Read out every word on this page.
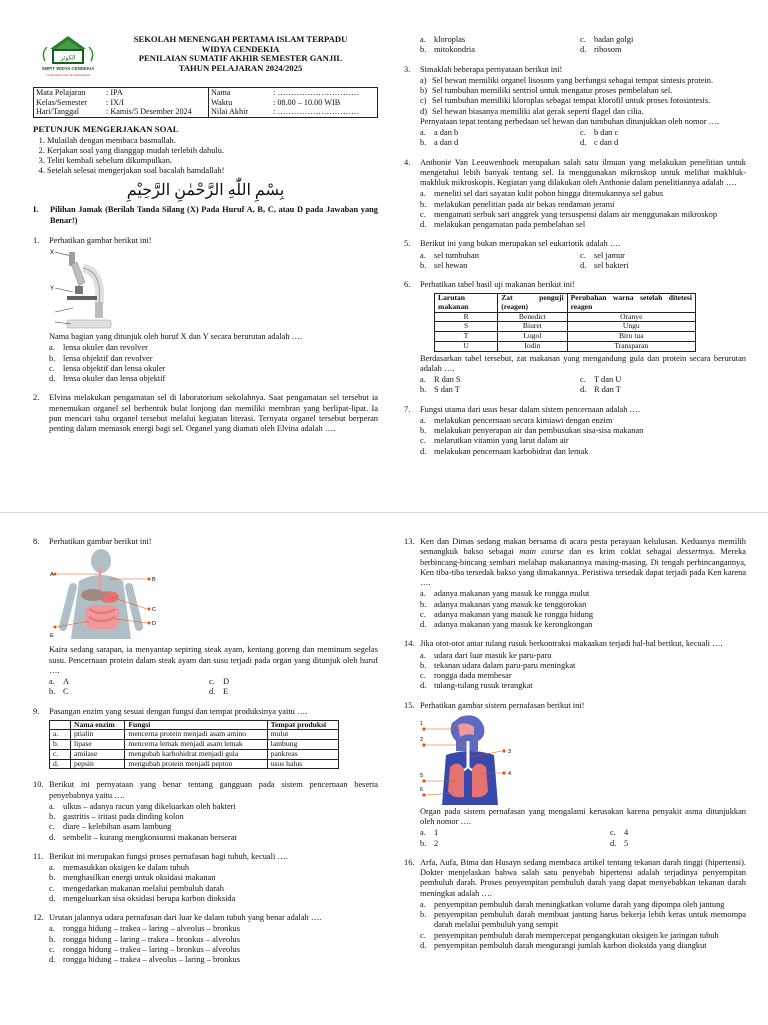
الكوثر
SMPIT WIDYA CENDEKIA
Cerdas Berprestasi Berakhlak Mulia
SEKOLAH MENENGAH PERTAMA ISLAM TERPADU
WIDYA CENDEKIA
PENILAIAN SUMATIF AKHIR SEMESTER GANJIL
TAHUN PELAJARAN 2024/2025
Mata Pelajaran	: IPA	Nama	: …………………………
Kelas/Semester	: IX/I	Waktu	: 08.00 – 10.00 WIB
Hari/Tanggal	: Kamis/5 Desember 2024	Nilai Akhir	: …………………………

PETUNJUK MENGERJAKAN SOAL

1. Mulailah dengan membaca basmallah.
2. Kerjakan soal yang dianggap mudah terlebih dahulu.
3. Teliti kembali sebelum dikumpulkan.
4. Setelah selesai mengerjakan soal bacalah hamdallah!
بِسْمِ اللّٰهِ الرَّحْمٰنِ الرَّحِيْمِ
I.	Pilihan Jamak (Berilah Tanda Silang (X) Pada Huruf A, B, C, atau D pada Jawaban yang Benar!)
1.	Perhatikan gambar berikut ini!

X
Y

Nama bagian yang ditunjuk oleh huruf X dan Y secara berurutan adalah ….

a. lensa okuler dan revolver
b. lensa objektif dan revolver
c. lensa objektif dan lensa okuler
d. lensa okuler dan lensa objektif
2.	Elvina melakukan pengamatan sel di laboratorium sekolahnya. Saat pengamatan sel tersebut ia menemukan organel sel berbentuk bulat lonjong dan memiliki membran yang berlipat-lipat. Ia pun mencari tahu organel tersebut melalui kegiatan literasi. Ternyata organel tersebut berperan penting dalam memasok energi bagi sel. Organel yang diamati oleh Elvina adalah ….

a. kloroplas	c. badan golgi
b. mitokondria	d. ribosom
3.	Simaklah beberapa pernyataan berikut ini!

a) Sel hewan memiliki organel lisosom yang berfungsi sebagai tempat sintesis protein.
b) Sel tumbuhan memiliki sentriol untuk mengatur proses pembelahan sel.
c) Sel tumbuhan memiliki kloroplas sebagai tempat klorofil untuk proses fotosintesis.
d) Sel hewan biasanya memiliki alat gerak seperti flagel dan cilia.

Pernyataan tepat tentang perbedaan sel hewan dan tumbuhan ditunjukkan oleh nomor ….

a. a dan b	c. b dan c
b. a dan d	d. c dan d
4.	Anthonie Van Leeuwenhoek merupakan salah satu ilmuan yang melakukan penelitian untuk mengetahui lebih banyak tentang sel. Ia menggunakan mikroskop untuk melihat makhluk-makhluk mikroskopis. Kegiatan yang dilakukan oleh Anthonie dalam penelitiannya adalah ….

a. meneliti sel dari sayatan kulit pohon hingga ditemukannya sel gabus
b. melakukan penelitian pada air bekas rendaman jerami
c. mengamati serbuk sari anggrek yang tersuspensi dalam air menggunakan mikroskop
d. melakukan pengamatan pada pembelahan sel
5.	Berikut ini yang bukan merupakan sel eukariotik adalah ….

a. sel tumbuhan	c. sel jamur
b. sel hewan	d. sel bakteri
6.	Perhatikan tabel hasil uji makanan berikut ini!

Larutan makanan	Zat penguji (reagen)	Perubahan warna setelah ditetesi reagen
R	Benedict	Oranye
S	Biuret	Ungu
T	Lugol	Biru tua
U	Iodin	Transparan

Berdasarkan tabel tersebut, zat makanan yang mengandung gula dan protein secara berurutan adalah ….

a. R dan S	c. T dan U
b. S dan T	d. R dan T
7.	Fungsi utama dari usus besar dalam sistem pencernaan adalah ….

a. melakukan pencernaan secara kimiawi dengan enzim
b. melakukan penyerapan air dan pembusukan sisa-sisa makanan
c. melarutkan vitamin yang larut dalam air
d. melakukan pencernaan karbohidrat dan lemak
8.	Perhatikan gambar berikut ini!

A
B
C
D
E

Kaira sedang sarapan, ia menyantap sepiring steak ayam, kentang goreng dan meminum segelas susu. Pencernaan protein dalam steak ayam dan susu terjadi pada organ yang ditunjuk oleh huruf ….

a. A	c. D
b. C	d. E
9.	Pasangan enzim yang sesuai dengan fungsi dan tempat produksinya yaitu ….

	Nama enzim	Fungsi	Tempat produksi
a.	ptialin	mencerna protein menjadi asam amino	mulut
b.	lipase	mencerna lemak menjadi asam lemak	lambung
c.	amilase	mengubah karbohidrat menjadi gula	pankreas
d.	pepsin	mengubah protein menjadi pepton	usus halus
10. Berikut ini pernyataan yang benar tentang gangguan pada sistem pencernaan beserta penyebabnya yaitu ….

a. ulkus – adanya racun yang dikeluarkan oleh bakteri
b. gastritis – iritasi pada dinding kolon
c. diare – kelebihan asam lambung
d. sembelit – kurang mengkonsumsi makanan berserat
11. Berikut ini merupakan fungsi proses pernafasan bagi tubuh, kecuali ….

a. memasukkan oksigen ke dalam tubuh
b. menghasilkan energi untuk oksidasi makanan
c. mengedarkan makanan melalui pembuluh darah
d. mengeluarkan sisa oksidasi berupa karbon dioksida
12. Urutan jalannya udara pernafasan dari luar ke dalam tubuh yang benar adalah ….

a. rongga hidung – trakea – laring – alveolus – bronkus
b. rongga hidung – laring – trakea – bronkus – alveolus
c. rongga hidung – trakea – laring – bronkus – alveolus
d. rongga hidung – trakea – alveolus – laring – bronkus
13. Ken dan Dimas sedang makan bersama di acara pesta perayaan kelulusan. Keduanya memilih semangkuk bakso sebagai main course dan es krim coklat sebagai dessertnya. Mereka berbincang-bincang sembari melahap makanannya masing-masing. Di tengah perbincangannya, Ken tiba-tiba tersedak bakso yang dimakannya. Peristiwa tersedak dapat terjadi pada Ken karena ….

a. adanya makanan yang masuk ke rongga mulut
b. adanya makanan yang masuk ke tenggorokan
c. adanya makanan yang masuk ke rongga hidung
d. adanya makanan yang masuk ke kerongkongan
14. Jika otot-otot antar tulang rusuk berkontraksi makaakan terjadi hal-hal berikut, kecuali ….

a. udara dari luar masuk ke paru-paru
b. tekanan udara dalam paru-paru meningkat
c. rongga dada membesar
d. tulang-tulang rusuk terangkat
15. Perhatikan gambar sistem pernafasan berikut ini!

1
2
3
4
5
6

Organ pada sistem pernafasan yang mengalami kerusakan karena penyakit asma ditunjukkan oleh nomor ….

a. 1	c. 4
b. 2	d. 5
16. Arfa, Aufa, Bima dan Husayn sedang membaca artikel tentang tekanan darah tinggi (hipertensi). Dokter menjelaskan bahwa salah satu penyebab hipertensi adalah terjadinya penyempitan pembuluh darah. Proses penyempitan pembuluh darah yang dapat menyebabkan tekanan darah meningkat adalah ….

a. penyempitan pembuluh darah meningkatkan volume darah yang dipompa oleh jantung
b. penyempitan pembuluh darah membuat jantung harus bekerja lebih keras untuk memompa darah melalui pembuluh yang sempit
c. penyempitan pembuluh darah mempercepat pengangkutan oksigen ke jaringan tubuh
d. penyempitan pembuluh darah mengurangi jumlah karbon dioksida yang diangkut
